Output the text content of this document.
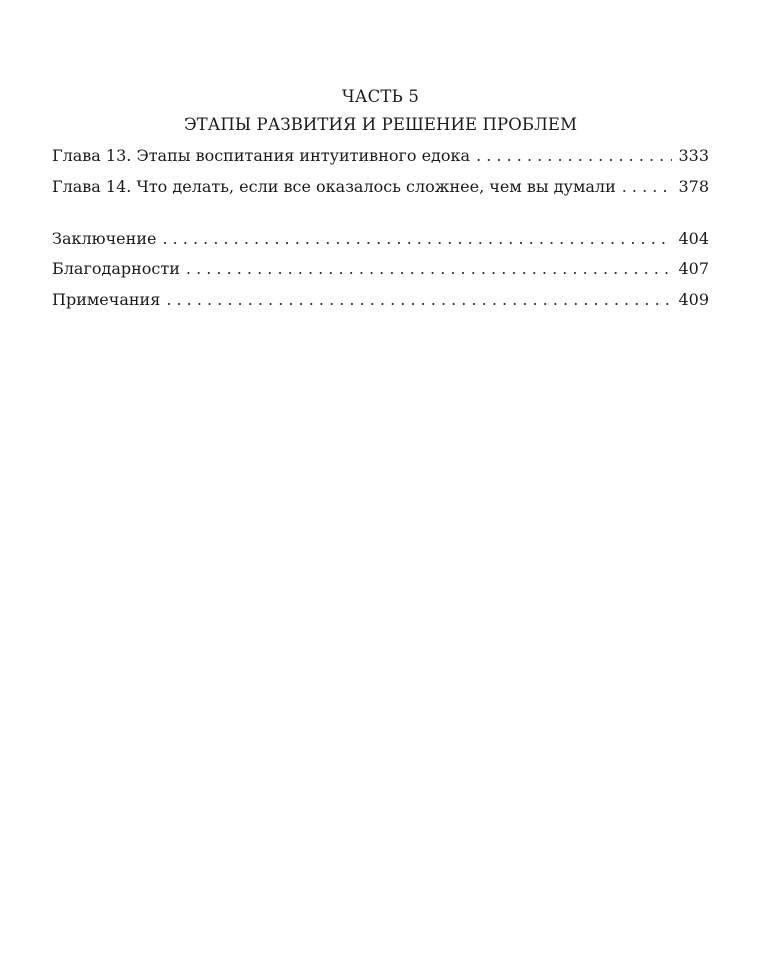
ЧАСТЬ 5
ЭТАПЫ РАЗВИТИЯ И РЕШЕНИЕ ПРОБЛЕМ
Глава 13. Этапы воспитания интуитивного едока . . .	333
Глава 14. Что делать, если все оказалось сложнее, чем вы думали . . .	378
Заключение . . .	404
Благодарности . . .	407
Примечания . . .	409
